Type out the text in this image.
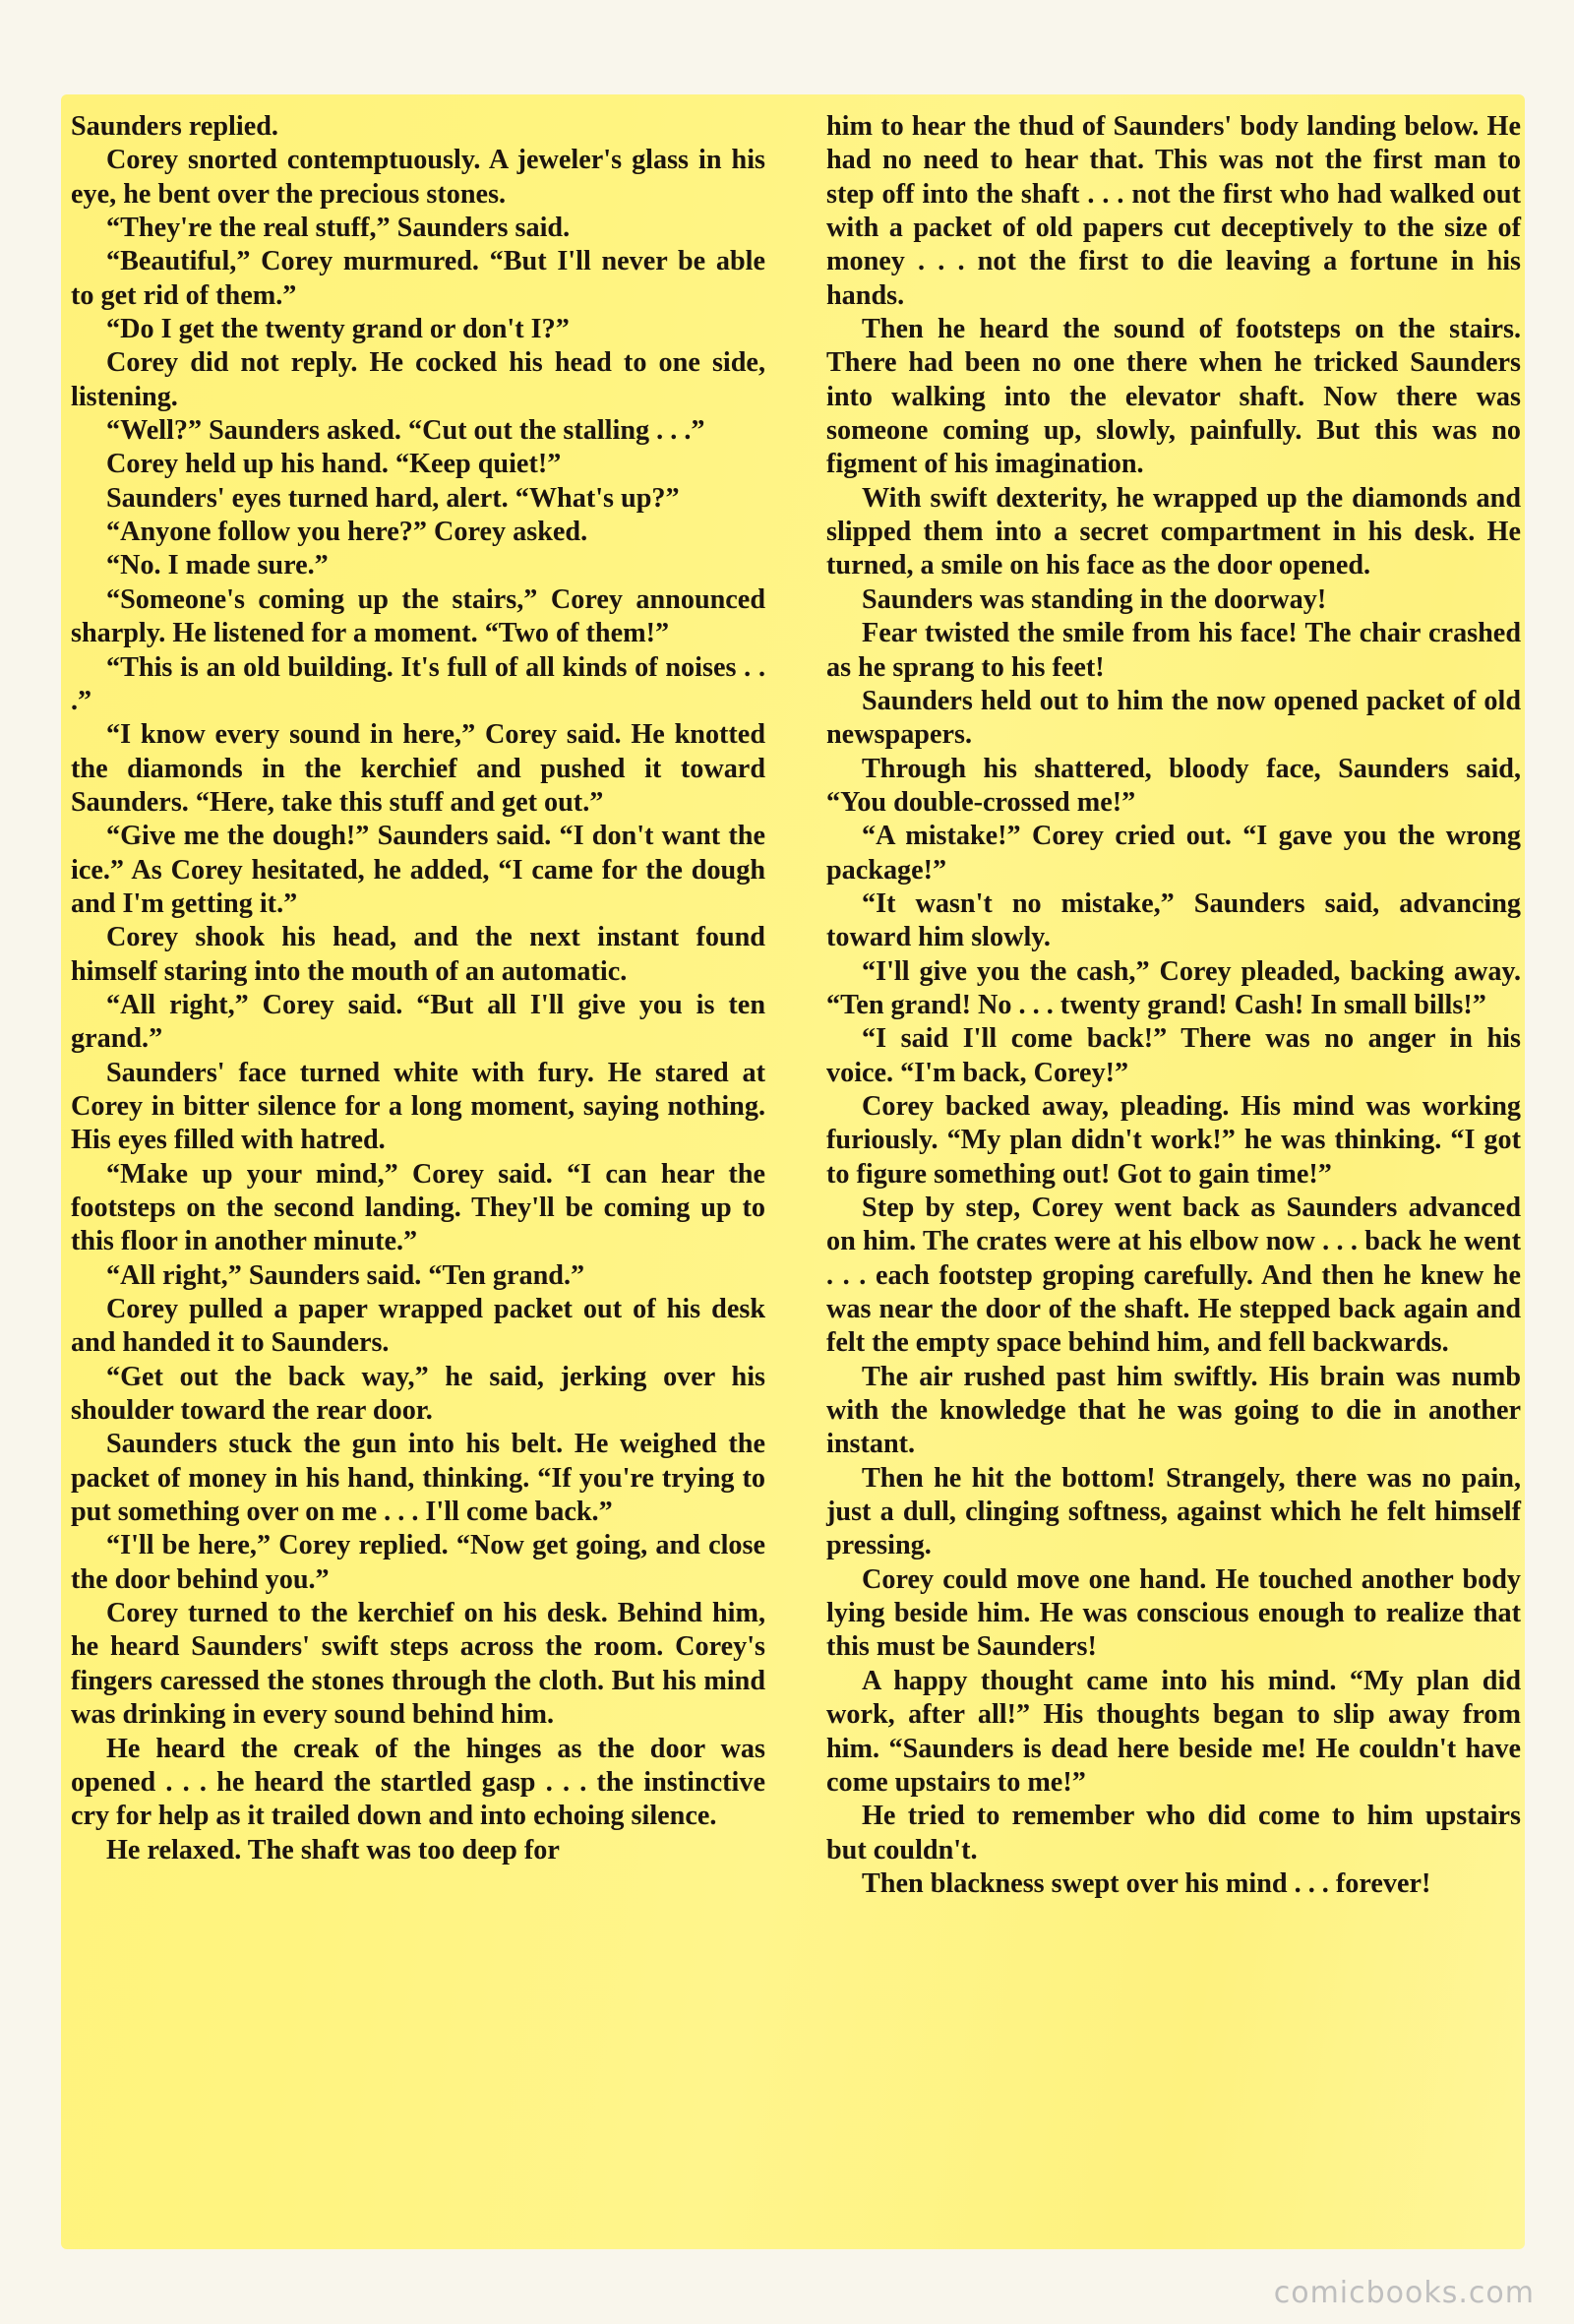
Saunders replied.

Corey snorted contemptuously. A jeweler's glass in his eye, he bent over the precious stones.

“They're the real stuff,” Saunders said.

“Beautiful,” Corey murmured. “But I'll never be able to get rid of them.”

“Do I get the twenty grand or don't I?”

Corey did not reply. He cocked his head to one side, listening.

“Well?” Saunders asked. “Cut out the stalling . . .”

Corey held up his hand. “Keep quiet!”

Saunders' eyes turned hard, alert. “What's up?”

“Anyone follow you here?” Corey asked.

“No. I made sure.”

“Someone's coming up the stairs,” Corey announced sharply. He listened for a moment. “Two of them!”

“This is an old building. It's full of all kinds of noises . . .”

“I know every sound in here,” Corey said. He knotted the diamonds in the kerchief and pushed it toward Saunders. “Here, take this stuff and get out.”

“Give me the dough!” Saunders said. “I don't want the ice.” As Corey hesitated, he added, “I came for the dough and I'm getting it.”

Corey shook his head, and the next instant found himself staring into the mouth of an automatic.

“All right,” Corey said. “But all I'll give you is ten grand.”

Saunders' face turned white with fury. He stared at Corey in bitter silence for a long moment, saying nothing. His eyes filled with hatred.

“Make up your mind,” Corey said. “I can hear the footsteps on the second landing. They'll be coming up to this floor in another minute.”

“All right,” Saunders said. “Ten grand.”

Corey pulled a paper wrapped packet out of his desk and handed it to Saunders.

“Get out the back way,” he said, jerking over his shoulder toward the rear door.

Saunders stuck the gun into his belt. He weighed the packet of money in his hand, thinking. “If you're trying to put something over on me . . . I'll come back.”

“I'll be here,” Corey replied. “Now get going, and close the door behind you.”

Corey turned to the kerchief on his desk. Behind him, he heard Saunders' swift steps across the room. Corey's fingers caressed the stones through the cloth. But his mind was drinking in every sound behind him.

He heard the creak of the hinges as the door was opened . . . he heard the startled gasp . . . the instinctive cry for help as it trailed down and into echoing silence.

He relaxed. The shaft was too deep for

him to hear the thud of Saunders' body landing below. He had no need to hear that. This was not the first man to step off into the shaft . . . not the first who had walked out with a packet of old papers cut deceptively to the size of money . . . not the first to die leaving a fortune in his hands.

Then he heard the sound of footsteps on the stairs. There had been no one there when he tricked Saunders into walking into the elevator shaft. Now there was someone coming up, slowly, painfully. But this was no figment of his imagination.

With swift dexterity, he wrapped up the diamonds and slipped them into a secret compartment in his desk. He turned, a smile on his face as the door opened.

Saunders was standing in the doorway!

Fear twisted the smile from his face! The chair crashed as he sprang to his feet!

Saunders held out to him the now opened packet of old newspapers.

Through his shattered, bloody face, Saunders said, “You double-crossed me!”

“A mistake!” Corey cried out. “I gave you the wrong package!”

“It wasn't no mistake,” Saunders said, advancing toward him slowly.

“I'll give you the cash,” Corey pleaded, backing away. “Ten grand! No . . . twenty grand! Cash! In small bills!”

“I said I'll come back!” There was no anger in his voice. “I'm back, Corey!”

Corey backed away, pleading. His mind was working furiously. “My plan didn't work!” he was thinking. “I got to figure something out! Got to gain time!”

Step by step, Corey went back as Saunders advanced on him. The crates were at his elbow now . . . back he went . . . each footstep groping carefully. And then he knew he was near the door of the shaft. He stepped back again and felt the empty space behind him, and fell backwards.

The air rushed past him swiftly. His brain was numb with the knowledge that he was going to die in another instant.

Then he hit the bottom! Strangely, there was no pain, just a dull, clinging softness, against which he felt himself pressing.

Corey could move one hand. He touched another body lying beside him. He was conscious enough to realize that this must be Saunders!

A happy thought came into his mind. “My plan did work, after all!” His thoughts began to slip away from him. “Saunders is dead here beside me! He couldn't have come upstairs to me!”

He tried to remember who did come to him upstairs but couldn't.

Then blackness swept over his mind . . . forever!

comicbooks.com
